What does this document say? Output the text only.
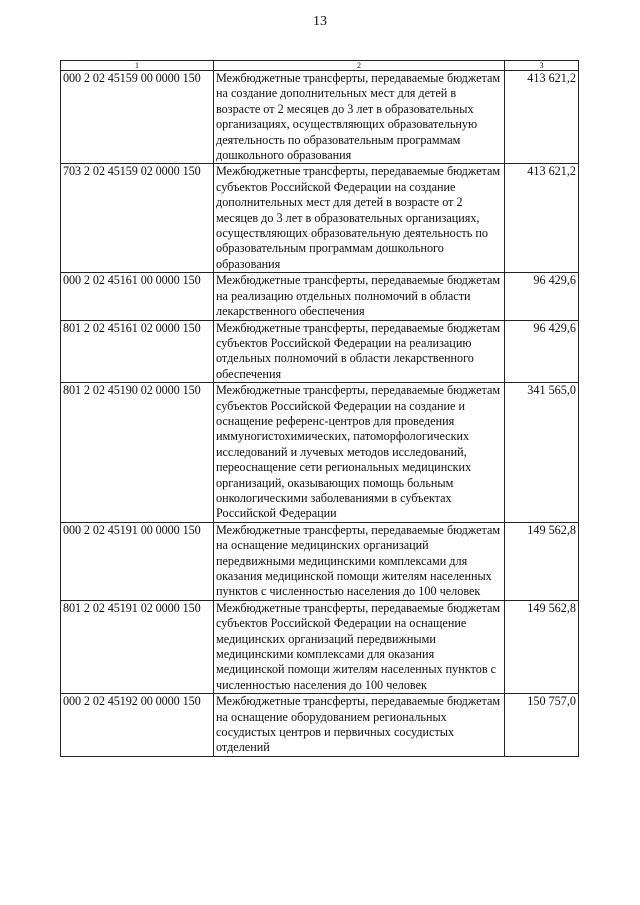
13
1	2	3
000 2 02 45159 00 0000 150	Межбюджетные трансферты, передаваемые бюджетам на создание дополнительных мест для детей в возрасте от 2 месяцев до 3 лет в образовательных организациях, осуществляющих образовательную деятельность по образовательным программам дошкольного образования	413 621,2
703 2 02 45159 02 0000 150	Межбюджетные трансферты, передаваемые бюджетам субъектов Российской Федерации на создание дополнительных мест для детей в возрасте от 2 месяцев до 3 лет в образовательных организациях, осуществляющих образовательную деятельность по образовательным программам дошкольного образования	413 621,2
000 2 02 45161 00 0000 150	Межбюджетные трансферты, передаваемые бюджетам на реализацию отдельных полномочий в области лекарственного обеспечения	96 429,6
801 2 02 45161 02 0000 150	Межбюджетные трансферты, передаваемые бюджетам субъектов Российской Федерации на реализацию отдельных полномочий в области лекарственного обеспечения	96 429,6
801 2 02 45190 02 0000 150	Межбюджетные трансферты, передаваемые бюджетам субъектов Российской Федерации на создание и оснащение референс-центров для проведения иммуногистохимических, патоморфологических исследований и лучевых методов исследований, переоснащение сети региональных медицинских организаций, оказывающих помощь больным онкологическими заболеваниями в субъектах Российской Федерации	341 565,0
000 2 02 45191 00 0000 150	Межбюджетные трансферты, передаваемые бюджетам на оснащение медицинских организаций передвижными медицинскими комплексами для оказания медицинской помощи жителям населенных пунктов с численностью населения до 100 человек	149 562,8
801 2 02 45191 02 0000 150	Межбюджетные трансферты, передаваемые бюджетам субъектов Российской Федерации на оснащение медицинских организаций передвижными медицинскими комплексами для оказания медицинской помощи жителям населенных пунктов с численностью населения до 100 человек	149 562,8
000 2 02 45192 00 0000 150	Межбюджетные трансферты, передаваемые бюджетам на оснащение оборудованием региональных сосудистых центров и первичных сосудистых отделений	150 757,0
